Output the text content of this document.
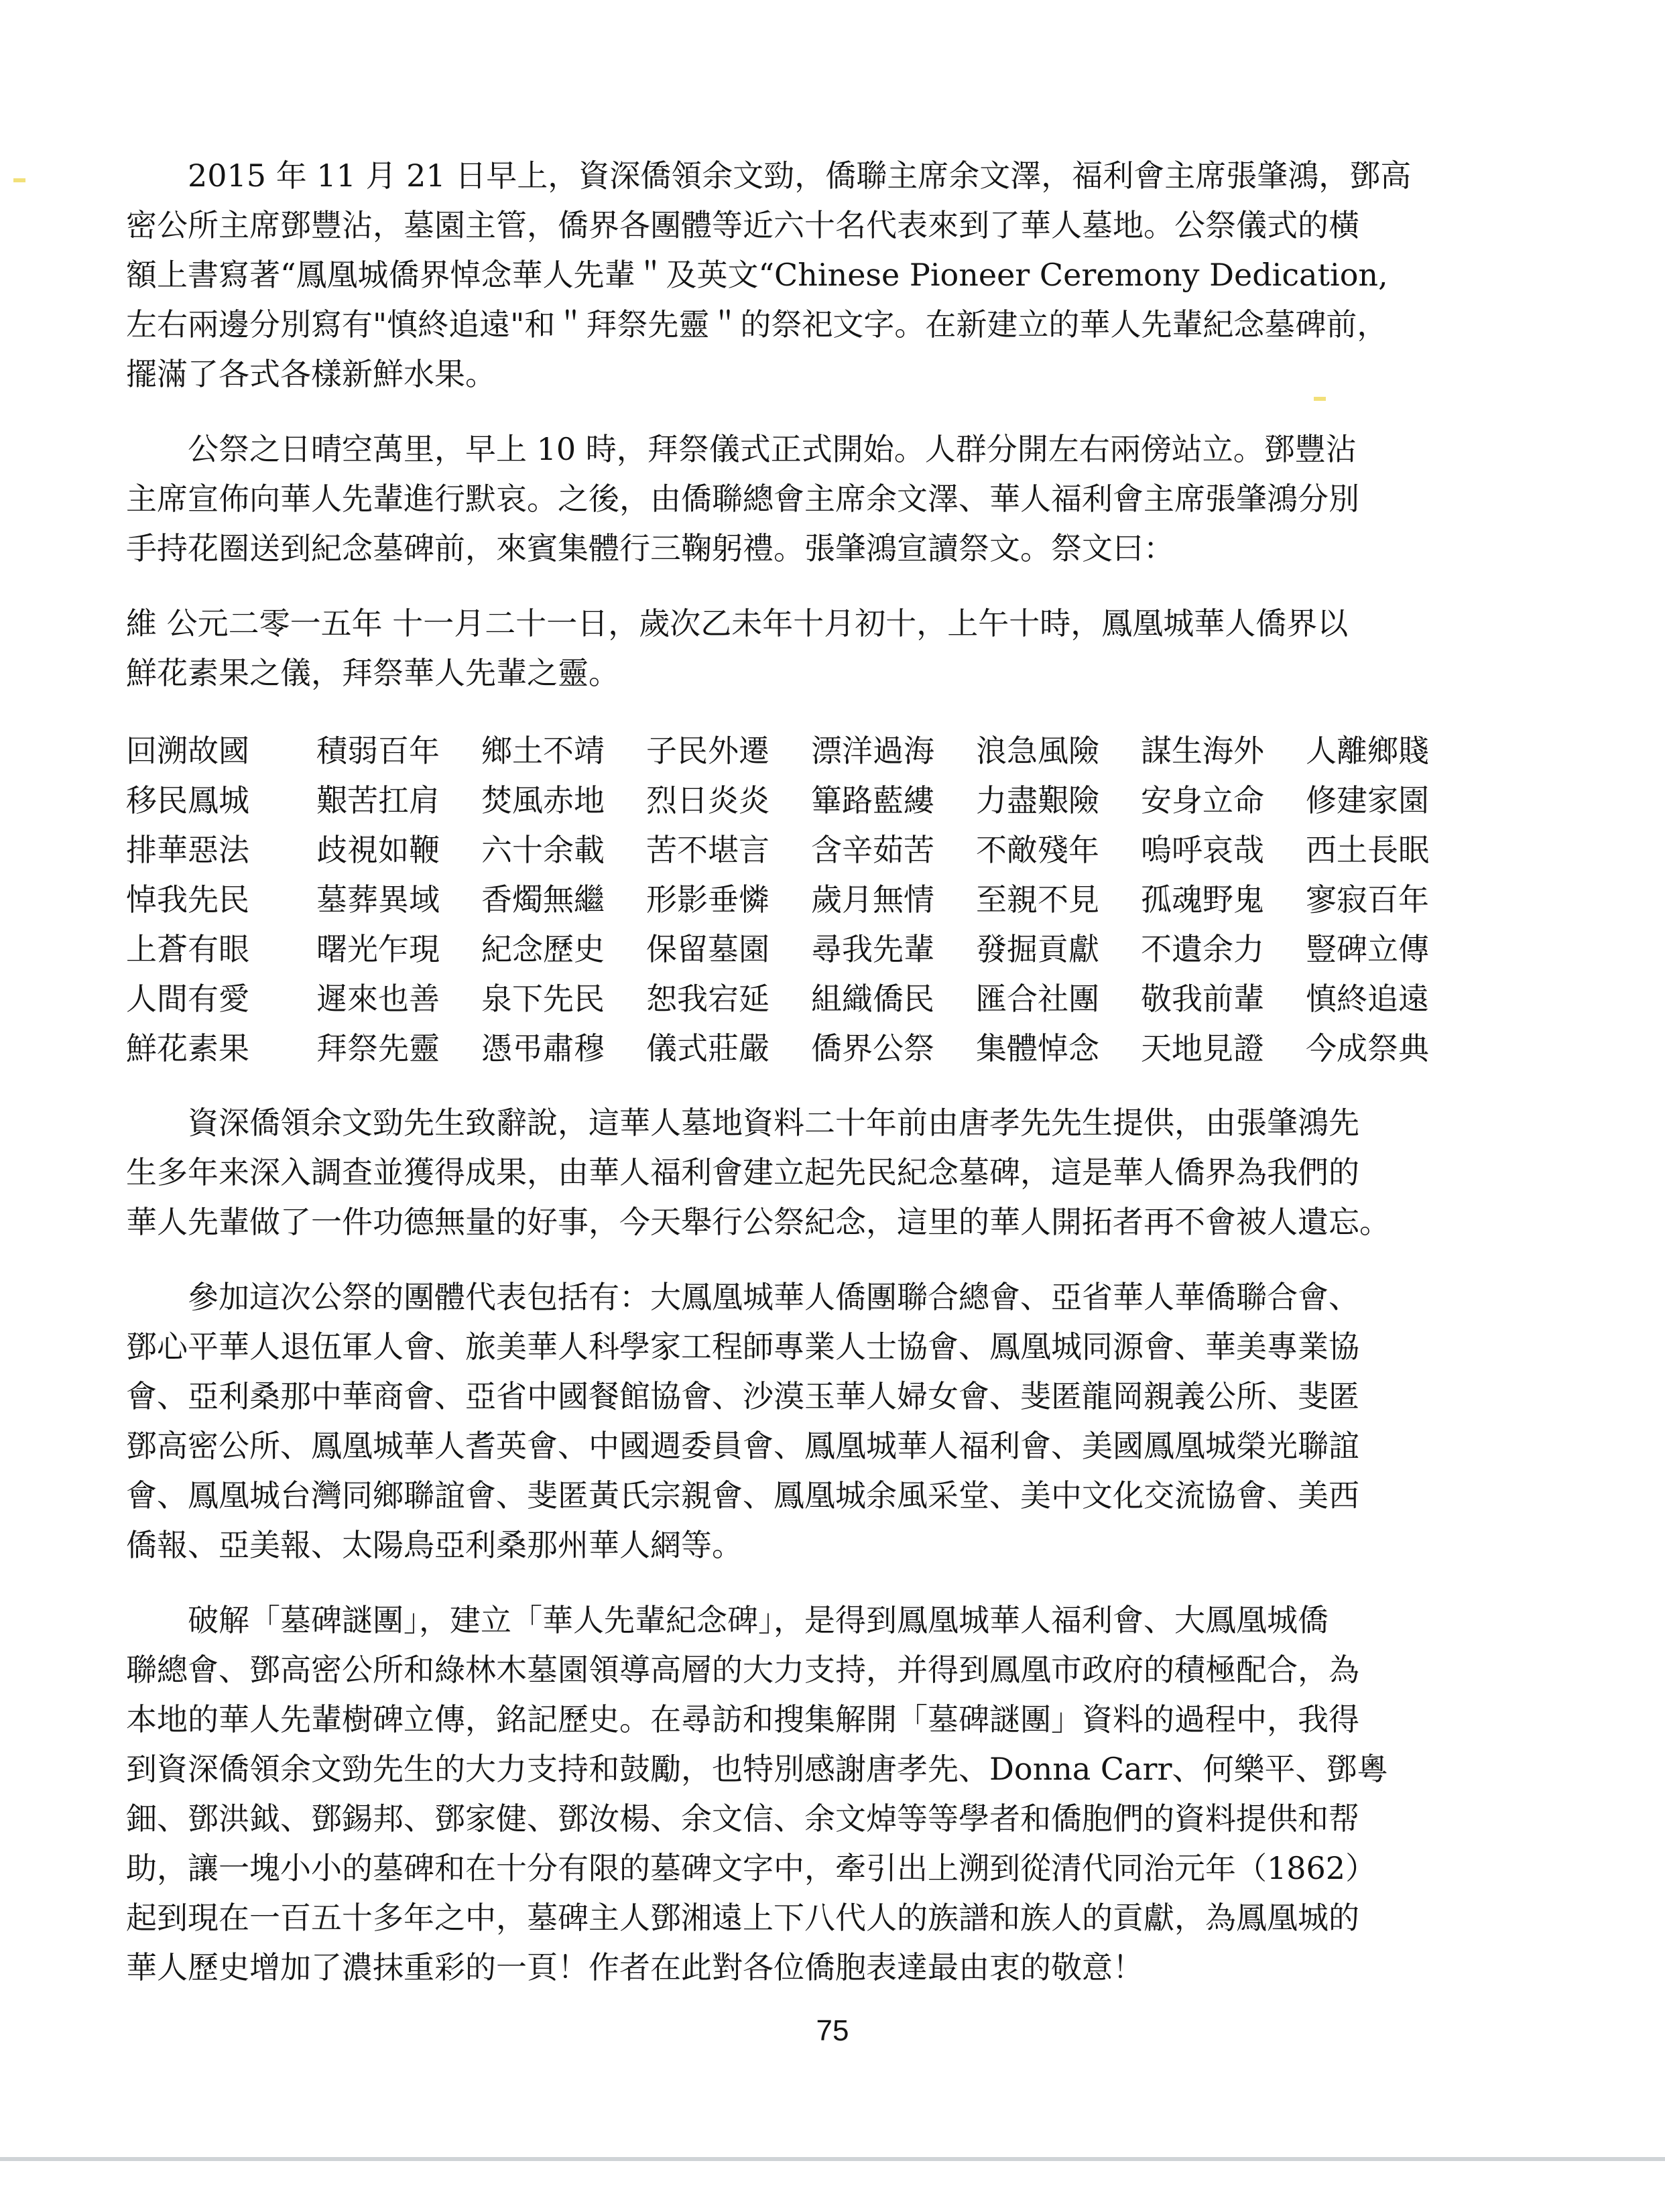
　　2015 年 11 月 21 日早上，資深僑領余文勁，僑聯主席余文澤，福利會主席張肇鴻，鄧高
密公所主席鄧豐沾，墓園主管，僑界各團體等近六十名代表來到了華人墓地。公祭儀式的橫
額上書寫著“鳳凰城僑界悼念華人先輩＂及英文“Chinese Pioneer Ceremony Dedication,
左右兩邊分別寫有"慎終追遠"和＂拜祭先靈＂的祭祀文字。在新建立的華人先輩紀念墓碑前，
擺滿了各式各樣新鮮水果。

　　公祭之日晴空萬里，早上 10 時，拜祭儀式正式開始。人群分開左右兩傍站立。鄧豐沾
主席宣佈向華人先輩進行默哀。之後，由僑聯總會主席余文澤、華人福利會主席張肇鴻分別
手持花圈送到紀念墓碑前，來賓集體行三鞠躬禮。張肇鴻宣讀祭文。祭文曰：

維 公元二零一五年 十一月二十一日，歲次乙未年十月初十，上午十時，鳳凰城華人僑界以
鮮花素果之儀，拜祭華人先輩之靈。

回溯故國 積弱百年 鄉土不靖 子民外遷 漂洋過海 浪急風險 謀生海外 人離鄉賤
移民鳳城 艱苦扛肩 焚風赤地 烈日炎炎 篳路藍縷 力盡艱險 安身立命 修建家園
排華惡法 歧視如鞭 六十余載 苦不堪言 含辛茹苦 不敵殘年 嗚呼哀哉 西土長眠
悼我先民 墓葬異域 香燭無繼 形影垂憐 歲月無情 至親不見 孤魂野鬼 寥寂百年
上蒼有眼 曙光乍現 紀念歷史 保留墓園 尋我先輩 發掘貢獻 不遺余力 豎碑立傳
人間有愛 遲來也善 泉下先民 恕我宕延 組織僑民 匯合社團 敬我前輩 慎終追遠
鮮花素果 拜祭先靈 憑弔肅穆 儀式莊嚴 僑界公祭 集體悼念 天地見證 今成祭典

　　資深僑領余文勁先生致辭說，這華人墓地資料二十年前由唐孝先先生提供，由張肇鴻先
生多年来深入調查並獲得成果，由華人福利會建立起先民紀念墓碑，這是華人僑界為我們的
華人先輩做了一件功德無量的好事，今天舉行公祭紀念，這里的華人開拓者再不會被人遺忘。

　　參加這次公祭的團體代表包括有：大鳳凰城華人僑團聯合總會、亞省華人華僑聯合會、
鄧心平華人退伍軍人會、旅美華人科學家工程師專業人士協會、鳳凰城同源會、華美專業協
會、亞利桑那中華商會、亞省中國餐館協會、沙漠玉華人婦女會、斐匿龍岡親義公所、斐匿
鄧高密公所、鳳凰城華人耆英會、中國週委員會、鳳凰城華人福利會、美國鳳凰城榮光聯誼
會、鳳凰城台灣同鄉聯誼會、斐匿黃氏宗親會、鳳凰城余風采堂、美中文化交流協會、美西
僑報、亞美報、太陽鳥亞利桑那州華人網等。

　　破解「墓碑謎團」，建立「華人先輩紀念碑」，是得到鳳凰城華人福利會、大鳳凰城僑
聯總會、鄧高密公所和綠林木墓園領導高層的大力支持，并得到鳳凰市政府的積極配合，為
本地的華人先輩樹碑立傳，銘記歷史。在尋訪和搜集解開「墓碑謎團」資料的過程中，我得
到資深僑領余文勁先生的大力支持和鼓勵，也特別感謝唐孝先、Donna Carr、何樂平、鄧粵
鈿、鄧洪鉞、鄧錫邦、鄧家健、鄧汝楊、余文信、余文焯等等學者和僑胞們的資料提供和帮
助，讓一塊小小的墓碑和在十分有限的墓碑文字中，牽引出上溯到從清代同治元年（1862）
起到現在一百五十多年之中，墓碑主人鄧湘遠上下八代人的族譜和族人的貢獻，為鳳凰城的
華人歷史增加了濃抹重彩的一頁！作者在此對各位僑胞表達最由衷的敬意！

75
